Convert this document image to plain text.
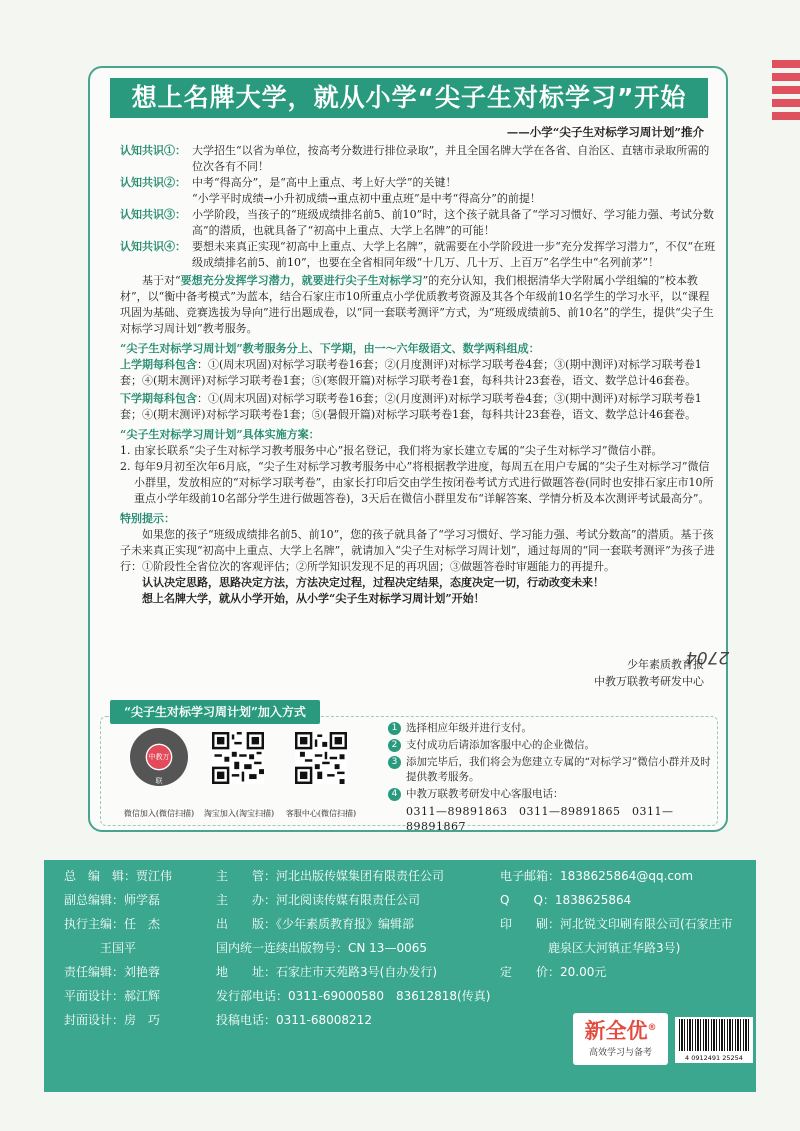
想上名牌大学，就从小学“尖子生对标学习”开始
——小学“尖子生对标学习周计划”推介
认知共识①： 大学招生“以省为单位，按高考分数进行排位录取”，并且全国名牌大学在各省、自治区、直辖市录取所需的位次各有不同！
认知共识②： 中考“得高分”，是“高中上重点、考上好大学”的关键！
“小学平时成绩→小升初成绩→重点初中重点班”是中考“得高分”的前提！
认知共识③： 小学阶段，当孩子的“班级成绩排名前5、前10”时，这个孩子就具备了“学习习惯好、学习能力强、考试分数高”的潜质，也就具备了“初高中上重点、大学上名牌”的可能！
认知共识④： 要想未来真正实现“初高中上重点、大学上名牌”，就需要在小学阶段进一步“充分发挥学习潜力”，不仅“在班级成绩排名前5、前10”，也要在全省相同年级“十几万、几十万、上百万”名学生中“名列前茅”！
基于对“要想充分发挥学习潜力，就要进行尖子生对标学习”的充分认知，我们根据清华大学附属小学组编的“校本教材”，以“衡中备考模式”为蓝本，结合石家庄市10所重点小学优质教考资源及其各个年级前10名学生的学习水平，以“课程巩固为基础、竞赛选拔为导向”进行出题成卷，以“同一套联考测评”方式，为“班级成绩前5、前10名”的学生，提供“尖子生对标学习周计划”教考服务。
“尖子生对标学习周计划”教考服务分上、下学期，由一～六年级语文、数学两科组成：
上学期每科包含：①(周末巩固)对标学习联考卷16套；②(月度测评)对标学习联考卷4套；③(期中测评)对标学习联考卷1套；④(期末测评)对标学习联考卷1套；⑤(寒假开篇)对标学习联考卷1套，每科共计23套卷，语文、数学总计46套卷。
下学期每科包含：①(周末巩固)对标学习联考卷16套；②(月度测评)对标学习联考卷4套；③(期中测评)对标学习联考卷1套；④(期末测评)对标学习联考卷1套；⑤(暑假开篇)对标学习联考卷1套，每科共计23套卷，语文、数学总计46套卷。
“尖子生对标学习周计划”具体实施方案：
1. 由家长联系“尖子生对标学习教考服务中心”报名登记，我们将为家长建立专属的“尖子生对标学习”微信小群。
2. 每年9月初至次年6月底，“尖子生对标学习教考服务中心”将根据教学进度，每周五在用户专属的“尖子生对标学习”微信小群里，发放相应的“对标学习联考卷”，由家长打印后交由学生按闭卷考试方式进行做题答卷(同时也安排石家庄市10所重点小学年级前10名部分学生进行做题答卷)，3天后在微信小群里发布“详解答案、学情分析及本次测评考试最高分”。
特别提示：
如果您的孩子“班级成绩排名前5、前10”，您的孩子就具备了“学习习惯好、学习能力强、考试分数高”的潜质。基于孩子未来真正实现“初高中上重点、大学上名牌”，就请加入“尖子生对标学习周计划”，通过每周的“同一套联考测评”为孩子进行：①阶段性全省位次的客观评估；②所学知识发现不足的再巩固；③做题答卷时审题能力的再提升。
认认决定思路，思路决定方法，方法决定过程，过程决定结果，态度决定一切，行动改变未来！
想上名牌大学，就从小学开始，从小学“尖子生对标学习周计划”开始！
2704
少年素质教育报
中教万联教考研发中心
“尖子生对标学习周计划”加入方式
中教万联
微信加入(微信扫描)	淘宝加入(淘宝扫描)	客服中心(微信扫描)
1 选择相应年级并进行支付。
2 支付成功后请添加客服中心的企业微信。
3 添加完毕后，我们将会为您建立专属的“对标学习”微信小群并及时提供教考服务。
4 中教万联教考研发中心客服电话：
0311—89891863　0311—89891865　0311—89891867
总　编　辑：贾江伟
副总编辑：师学磊
执行主编：任　杰
　　　王国平
责任编辑：刘艳蓉
平面设计：郝江辉
封面设计：房　巧
主　　管：河北出版传媒集团有限责任公司
主　　办：河北阅读传媒有限责任公司
出　　版：《少年素质教育报》编辑部
国内统一连续出版物号：CN 13—0065
地　　址：石家庄市天苑路3号(自办发行)
发行部电话：0311-69000580　83612818(传真)
投稿电话：0311-68008212
电子邮箱：1838625864@qq.com
Q　　Q：1838625864
印　　刷：河北锐文印刷有限公司(石家庄市
　　　　鹿泉区大河镇正华路3号)
定　　价：20.00元
新全优®
高效学习与备考	4 0912491 25254
